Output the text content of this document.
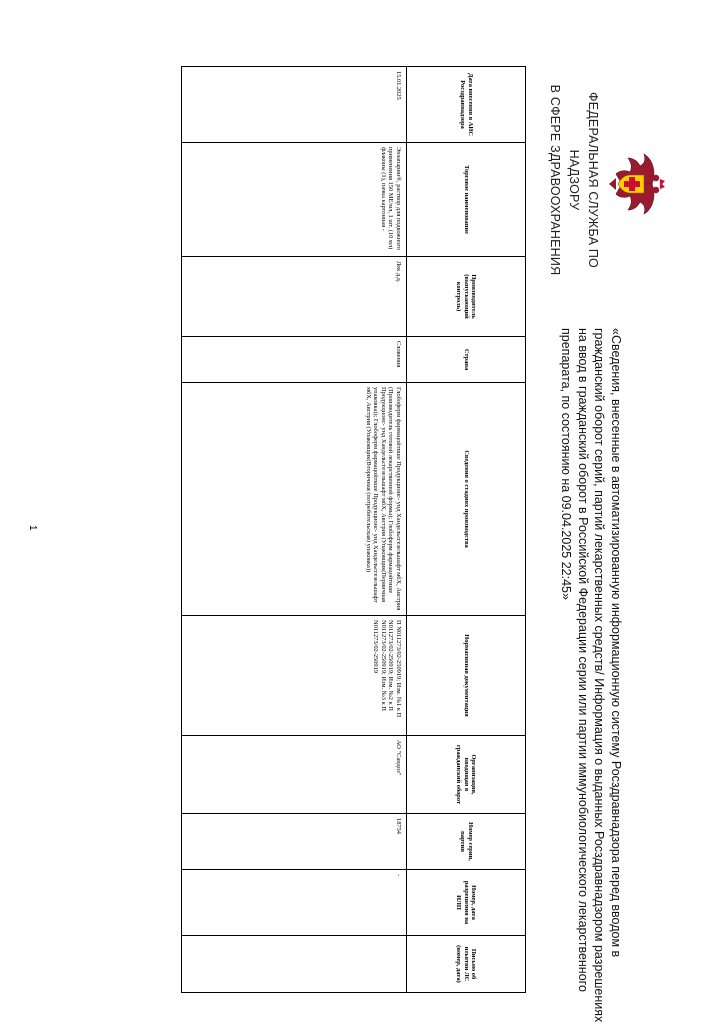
ФЕДЕРАЛЬНАЯ СЛУЖБА ПО НАДЗОРУ
В СФЕРЕ ЗДРАВООХРАНЕНИЯ
«Сведения, внесенные в автоматизированную информационную систему Росздравнадзора перед вводом в
гражданский оборот серий, партий лекарственных средств/ Информация о выданных Росздравнадзором разрешениях
на ввод в гражданский оборот в Российской Федерации серии или партии иммунобиологического лекарственного
препарата, по состоянию на 09.04.2025 22:45»
Дата внесения в АИС Росздравнадзора	Торговое наименование	Производитель (выпускающий контроль)	Страна	Сведения о стадиях производства	Нормативная документация	Организация, вводящая в гражданский оборот	Номер серии, партии	Номер, дата разрешения на ИЛП	Письмо об изъятии ЛС (номер, дата)
15.01.2025	Энзапарин®, раствор для подкожного применения 150 ME/мл, 1 шт. (10 мл) флаконы (1), пачка картонная -	Лек д.д.	Словения	Глобоферм фармацойтише Продукционс- унд Хандельсгезельшафт мбХ, Австрия (Производитель готовой лекарственной формы); Глобоферм фармацойтише Продукционс- унд Хандельсгезельшафт мбХ, Австрия (Упаковщик(Первичная упаковка)); Глобоферм фармацойтише Продукционс- унд Хандельсгезельшафт мбХ, Австрия (Упаковщик(Вторичная (потребительская) упаковка))	П N011273/02-250919; Изм. №1 к П N011273/02-250919; Изм. №2 к П N011273/02-250919; Изм. №3 к П N011273/02-250919	АО "Сандоз"	18754	-	
1
